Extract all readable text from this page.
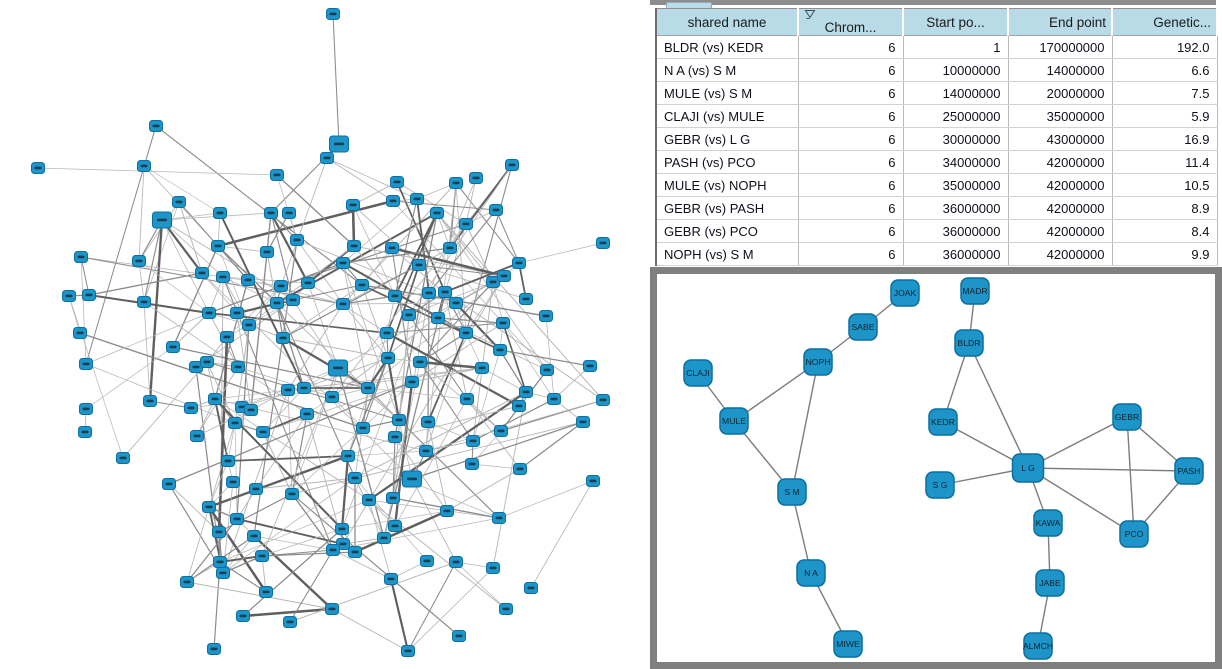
shared name	Chrom...	Start po...	End point	Genetic...
BLDR (vs) KEDR	6	1	170000000	192.0
N A (vs) S M	6	10000000	14000000	6.6
MULE (vs) S M	6	14000000	20000000	7.5
CLAJI (vs) MULE	6	25000000	35000000	5.9
GEBR (vs) L G	6	30000000	43000000	16.9
PASH (vs) PCO	6	34000000	42000000	11.4
MULE (vs) NOPH	6	35000000	42000000	10.5
GEBR (vs) PASH	6	36000000	42000000	8.9
GEBR (vs) PCO	6	36000000	42000000	8.4
NOPH (vs) S M	6	36000000	42000000	9.9
JOAK
SABE
NOPH
CLAJI
MULE
S M
N A
MIWE
MADR
BLDR
KEDR
S G
L G
GEBR
PASH
PCO
KAWA
JABE
ALMCH
